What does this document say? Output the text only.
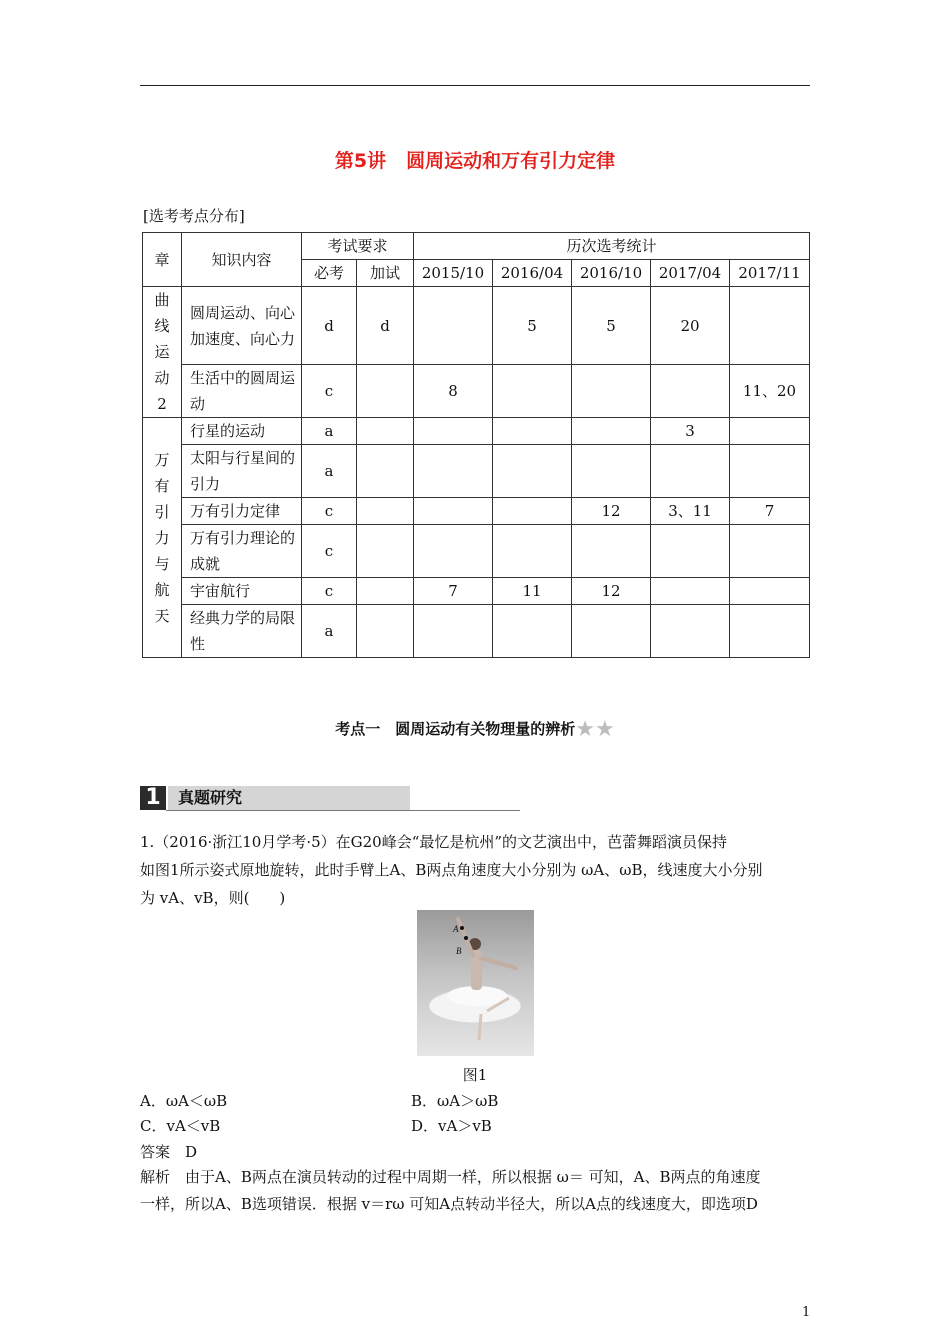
第5讲 圆周运动和万有引力定律
[选考考点分布]
章	知识内容	考试要求		历次选考统计				
		必考	加试	2015/10	2016/04	2016/10	2017/04	2017/11
曲线运动2	圆周运动、向心加速度、向心力	d	d		5	5	20	
	生活中的圆周运动	c		8				11、20
万有引力与航天	行星的运动	a					3	
	太阳与行星间的引力	a						
	万有引力定律	c				12	3、11	7
	万有引力理论的成就	c						
	宇宙航行	c		7	11	12		
	经典力学的局限性	a						
考点一　 圆周运动有关物理量的辨析★★
1	真题研究
1.（2016·浙江10月学考·5）在G20峰会“最忆是杭州”的文艺演出中，芭蕾舞蹈演员保持
如图1所示姿式原地旋转，此时手臂上A、B两点角速度大小分别为 ωA、ωB，线速度大小分别
为 vA、vB，则(　　)
A
B
图1
A．ωA＜ωB	B．ωA＞ωB
C．vA＜vB	D．vA＞vB
答案　D
解析　由于A、B两点在演员转动的过程中周期一样，所以根据 ω＝ 可知，A、B两点的角速度
一样，所以A、B选项错误．根据 v＝rω 可知A点转动半径大，所以A点的线速度大，即选项D
1
